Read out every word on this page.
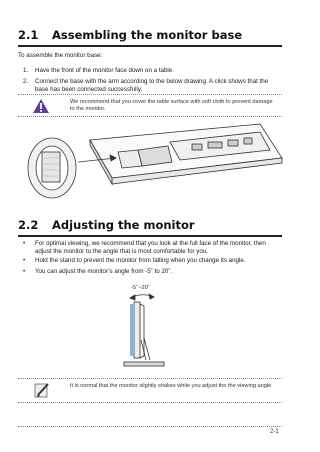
2.1 Assembling the monitor base
To assemble the monitor base:
1. Have the front of the monitor face down on a table.
2. Connect the base with the arm according to the below drawing. A click shows that the base has been connected successfully.
We recommend that you cover the table surface with soft cloth to prevent damage to the monitor.
2.2 Adjusting the monitor
• For optimal viewing, we recommend that you look at the full face of the monitor, then adjust the monitor to the angle that is most comfortable for you.
• Hold the stand to prevent the monitor from falling when you change its angle.
• You can adjust the monitor’s angle from -5˚ to 20˚.
-5˚~20˚
It is normal that the monitor slightly shakes while you adjust the the viewing angle.
2-1
